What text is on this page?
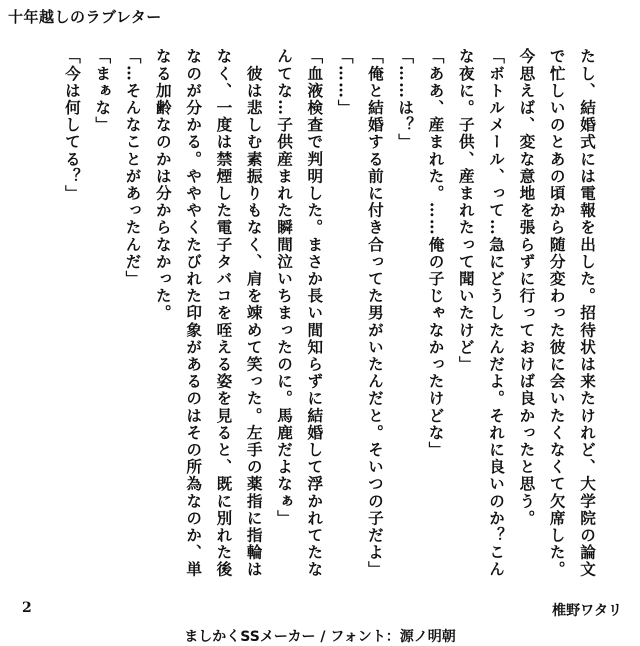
十年越しのラブレター

たし、結婚式には電報を出した。招待状は来たけれど、大学院の論文で忙しいのとあの頃から随分変わった彼に会いたくなくて欠席した。今思えば、変な意地を張らずに行っておけば良かったと思う。

「ボトルメール、って…急にどうしたんだよ。それに良いのか？こんな夜に。子供、産まれたって聞いたけど」

「ああ、産まれた。……俺の子じゃなかったけどな」

「……は？」

「俺と結婚する前に付き合ってた男がいたんだと。そいつの子だよ」

「……」

「血液検査で判明した。まさか長い間知らずに結婚して浮かれてたなんてな…子供産まれた瞬間泣いちまったのに。馬鹿だよなぁ」

　彼は悲しむ素振りもなく、肩を竦めて笑った。左手の薬指に指輪はなく、一度は禁煙した電子タバコを咥える姿を見ると、既に別れた後なのが分かる。やややくたびれた印象があるのはその所為なのか、単なる加齢なのかは分からなかった。

「…そんなことがあったんだ」

「まぁな」

「今は何してる？」

2	椎野ワタリ
ましかくSSメーカー / フォント：源ノ明朝
